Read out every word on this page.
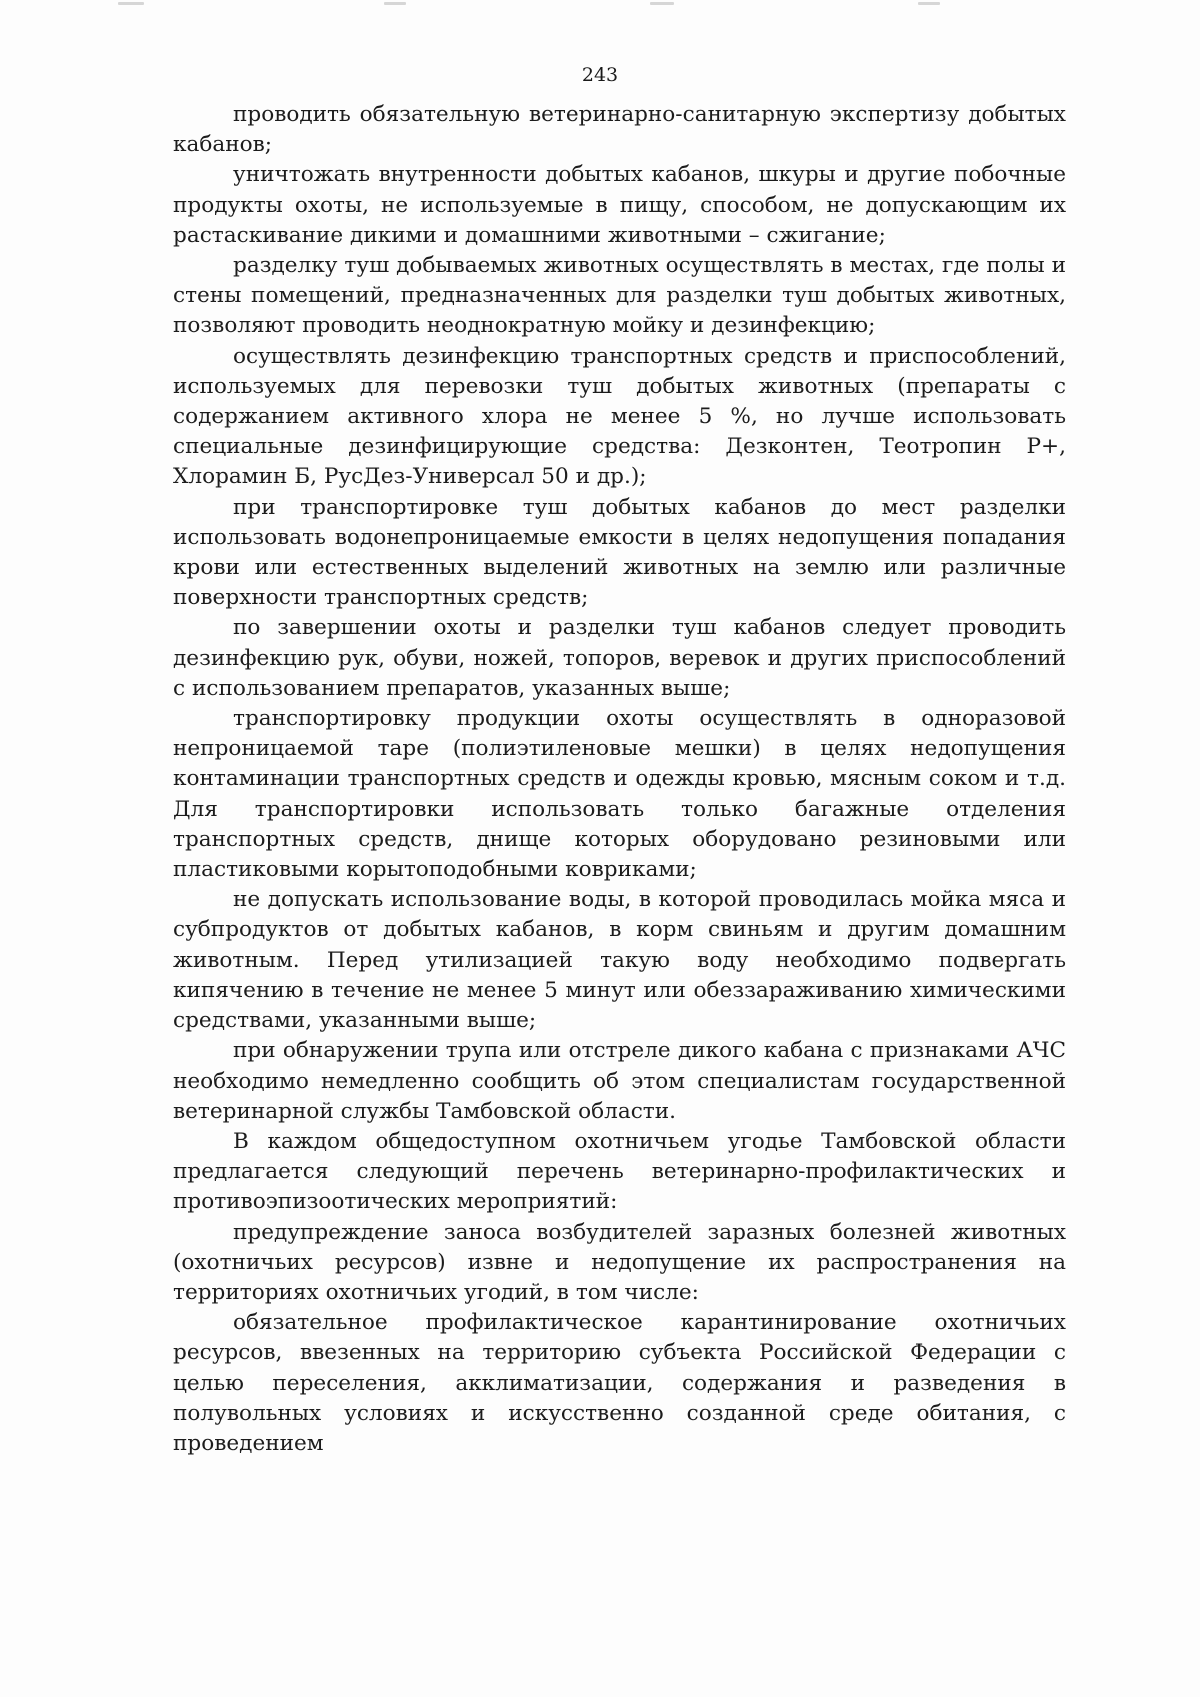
243

проводить обязательную ветеринарно-санитарную экспертизу добытых кабанов;

уничтожать внутренности добытых кабанов, шкуры и другие побочные продукты охоты, не используемые в пищу, способом, не допускающим их растаскивание дикими и домашними животными – сжигание;

разделку туш добываемых животных осуществлять в местах, где полы и стены помещений, предназначенных для разделки туш добытых животных, позволяют проводить неоднократную мойку и дезинфекцию;

осуществлять дезинфекцию транспортных средств и приспособлений, используемых для перевозки туш добытых животных (препараты с содержанием активного хлора не менее 5 %, но лучше использовать специальные дезинфицирующие средства: Дезконтен, Теотропин Р+, Хлорамин Б, РусДез-Универсал 50 и др.);

при транспортировке туш добытых кабанов до мест разделки использовать водонепроницаемые емкости в целях недопущения попадания крови или естественных выделений животных на землю или различные поверхности транспортных средств;

по завершении охоты и разделки туш кабанов следует проводить дезинфекцию рук, обуви, ножей, топоров, веревок и других приспособлений с использованием препаратов, указанных выше;

транспортировку продукции охоты осуществлять в одноразовой непроницаемой таре (полиэтиленовые мешки) в целях недопущения контаминации транспортных средств и одежды кровью, мясным соком и т.д. Для транспортировки использовать только багажные отделения транспортных средств, днище которых оборудовано резиновыми или пластиковыми корытоподобными ковриками;

не допускать использование воды, в которой проводилась мойка мяса и субпродуктов от добытых кабанов, в корм свиньям и другим домашним животным. Перед утилизацией такую воду необходимо подвергать кипячению в течение не менее 5 минут или обеззараживанию химическими средствами, указанными выше;

при обнаружении трупа или отстреле дикого кабана с признаками АЧС необходимо немедленно сообщить об этом специалистам государственной ветеринарной службы Тамбовской области.

В каждом общедоступном охотничьем угодье Тамбовской области предлагается следующий перечень ветеринарно-профилактических и противоэпизоотических мероприятий:

предупреждение заноса возбудителей заразных болезней животных (охотничьих ресурсов) извне и недопущение их распространения на территориях охотничьих угодий, в том числе:

обязательное профилактическое карантинирование охотничьих ресурсов, ввезенных на территорию субъекта Российской Федерации с целью переселения, акклиматизации, содержания и разведения в полувольных условиях и искусственно созданной среде обитания, с проведением
